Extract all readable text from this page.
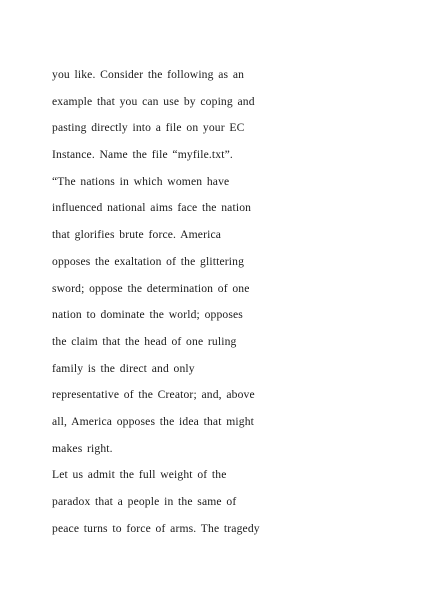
you like. Consider the following as an
example that you can use by coping and
pasting directly into a file on your EC
Instance. Name the file “myfile.txt”.
“The nations in which women have
influenced national aims face the nation
that glorifies brute force. America
opposes the exaltation of the glittering
sword; oppose the determination of one
nation to dominate the world; opposes
the claim that the head of one ruling
family is the direct and only
representative of the Creator; and, above
all, America opposes the idea that might
makes right.
Let us admit the full weight of the
paradox that a people in the same of
peace turns to force of arms. The tragedy
